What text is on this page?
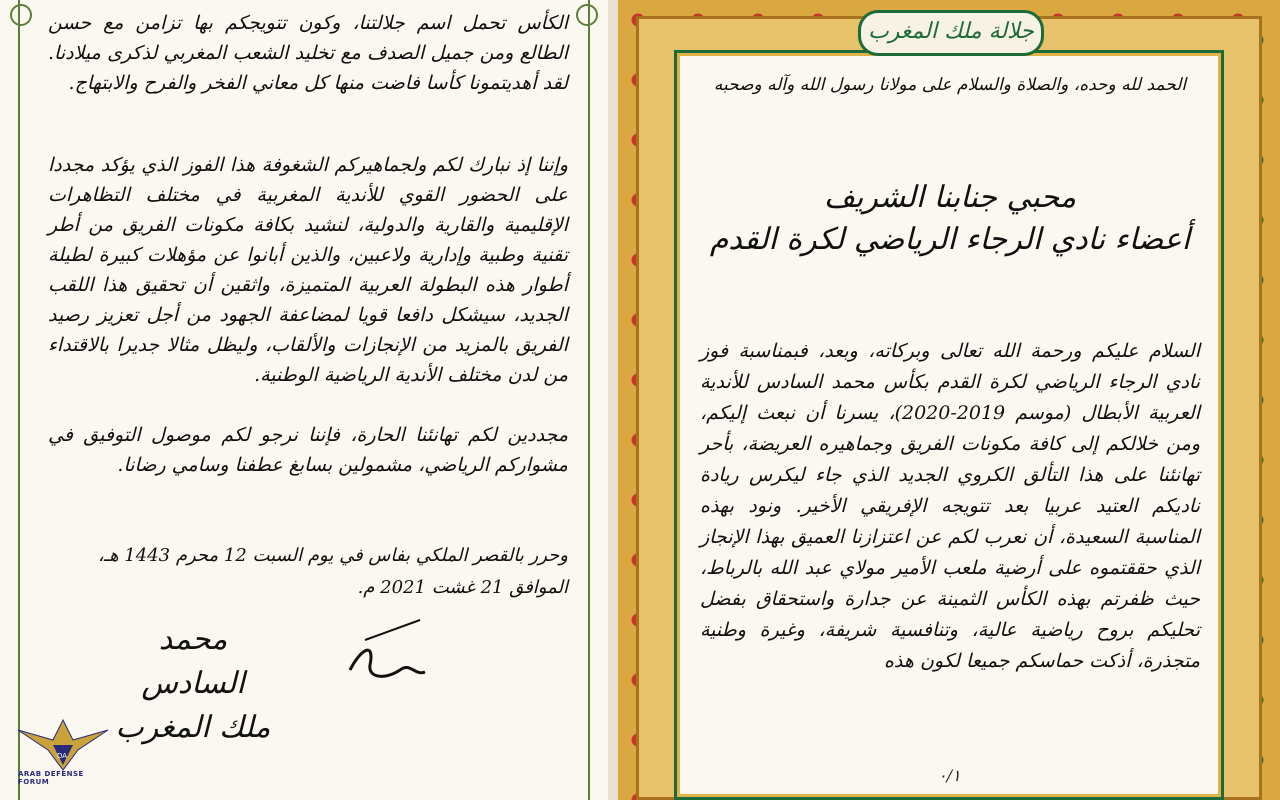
الكأس تحمل اسم جلالتنا، وكون تتويجكم بها تزامن مع حسن الطالع ومن جميل الصدف مع تخليد الشعب المغربي لذكرى ميلادنا. لقد أهديتمونا كأسا فاضت منها كل معاني الفخر والفرح والابتهاج.
وإننا إذ نبارك لكم ولجماهيركم الشغوفة هذا الفوز الذي يؤكد مجددا على الحضور القوي للأندية المغربية في مختلف التظاهرات الإقليمية والقارية والدولية، لنشيد بكافة مكونات الفريق من أطر تقنية وطبية وإدارية ولاعبين، والذين أبانوا عن مؤهلات كبيرة لطيلة أطوار هذه البطولة العربية المتميزة، واثقين أن تحقيق هذا اللقب الجديد، سيشكل دافعا قويا لمضاعفة الجهود من أجل تعزيز رصيد الفريق بالمزيد من الإنجازات والألقاب، وليظل مثالا جديرا بالاقتداء من لدن مختلف الأندية الرياضية الوطنية.
مجددين لكم تهانئنا الحارة، فإننا نرجو لكم موصول التوفيق في مشواركم الرياضي، مشمولين بسابغ عطفنا وسامي رضانا.
وحرر بالقصر الملكي بفاس في يوم السبت 12 محرم 1443 هـ،
الموافق 21 غشت 2021 م.
محمد السادس
ملك المغرب
DA
ARAB DEFENSE FORUM
جلالة ملك المغرب
الحمد لله وحده، والصلاة والسلام على مولانا رسول الله وآله وصحبه
محبي جنابنا الشريف
أعضاء نادي الرجاء الرياضي لكرة القدم
السلام عليكم ورحمة الله تعالى وبركاته، وبعد، فبمناسبة فوز نادي الرجاء الرياضي لكرة القدم بكأس محمد السادس للأندية العربية الأبطال (موسم 2019-2020)، يسرنا أن نبعث إليكم، ومن خلالكم إلى كافة مكونات الفريق وجماهيره العريضة، بأحر تهانئنا على هذا التألق الكروي الجديد الذي جاء ليكرس ريادة ناديكم العتيد عربيا بعد تتويجه الإفريقي الأخير. ونود بهذه المناسبة السعيدة، أن نعرب لكم عن اعتزازنا العميق بهذا الإنجاز الذي حققتموه على أرضية ملعب الأمير مولاي عبد الله بالرباط، حيث ظفرتم بهذه الكأس الثمينة عن جدارة واستحقاق بفضل تحليكم بروح رياضية عالية، وتنافسية شريفة، وغيرة وطنية متجذرة، أذكت حماسكم جميعا لكون هذه
٠/١
